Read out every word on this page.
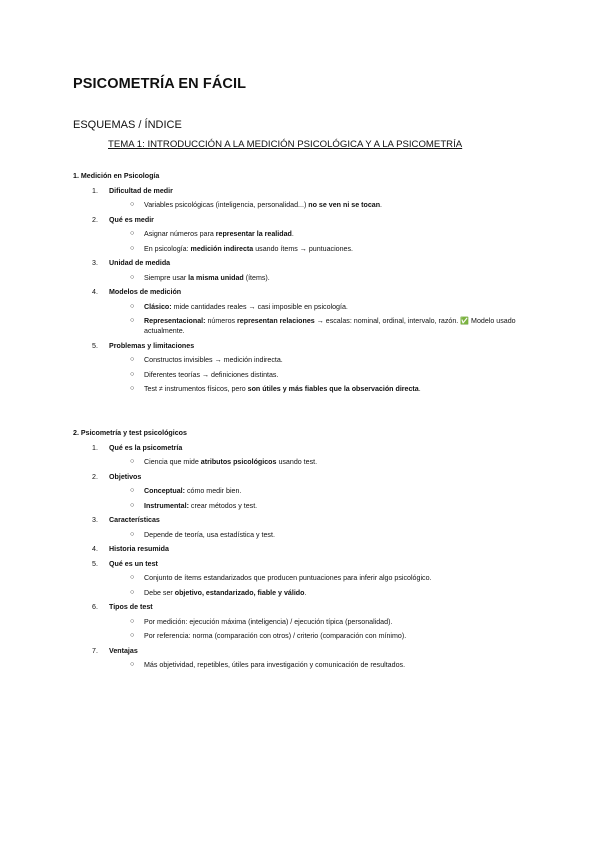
PSICOMETRÍA EN FÁCIL

ESQUEMAS / ÍNDICE

TEMA 1: INTRODUCCIÓN A LA MEDICIÓN PSICOLÓGICA Y A LA PSICOMETRÍA

1. Medición en Psicología

1. Dificultad de medir
○ Variables psicológicas (inteligencia, personalidad...) no se ven ni se tocan.
2. Qué es medir
○ Asignar números para representar la realidad.
○ En psicología: medición indirecta usando ítems → puntuaciones.
3. Unidad de medida
○ Siempre usar la misma unidad (ítems).
4. Modelos de medición
○ Clásico: mide cantidades reales → casi imposible en psicología.
○ Representacional: números representan relaciones → escalas: nominal, ordinal, intervalo, razón. ✅ Modelo usado actualmente.
5. Problemas y limitaciones
○ Constructos invisibles → medición indirecta.
○ Diferentes teorías → definiciones distintas.
○ Test ≠ instrumentos físicos, pero son útiles y más fiables que la observación directa.

2. Psicometría y test psicológicos

1. Qué es la psicometría
○ Ciencia que mide atributos psicológicos usando test.
2. Objetivos
○ Conceptual: cómo medir bien.
○ Instrumental: crear métodos y test.
3. Características
○ Depende de teoría, usa estadística y test.
4. Historia resumida
5. Qué es un test
○ Conjunto de ítems estandarizados que producen puntuaciones para inferir algo psicológico.
○ Debe ser objetivo, estandarizado, fiable y válido.
6. Tipos de test
○ Por medición: ejecución máxima (inteligencia) / ejecución típica (personalidad).
○ Por referencia: norma (comparación con otros) / criterio (comparación con mínimo).
7. Ventajas
○ Más objetividad, repetibles, útiles para investigación y comunicación de resultados.
